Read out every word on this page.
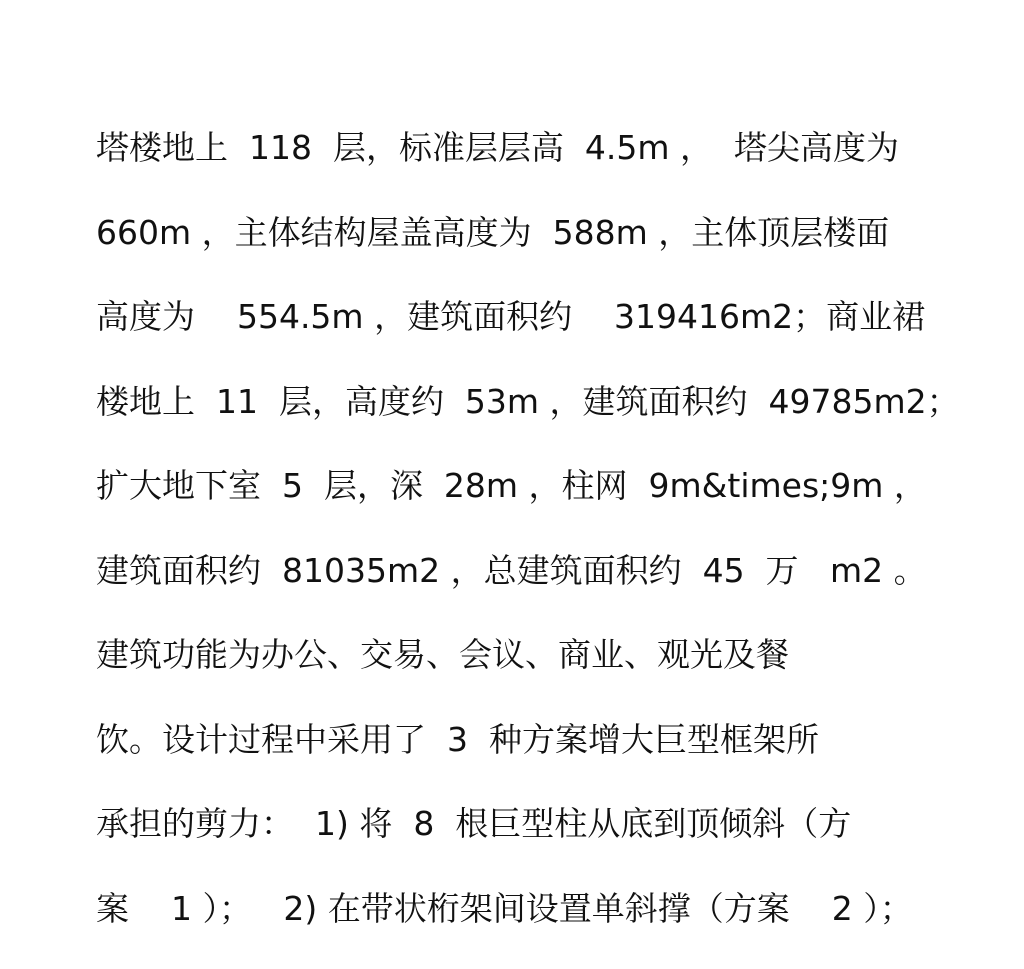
塔楼地上  118  层，标准层层高  4.5m ，  塔尖高度为
660m ，主体结构屋盖高度为  588m ，主体顶层楼面
高度为    554.5m ，建筑面积约    319416m2；商业裙
楼地上  11  层，高度约  53m ，建筑面积约  49785m2；
扩大地下室  5  层，深  28m ，柱网  9m&times;9m ，
建筑面积约  81035m2 ，总建筑面积约  45  万   m2 。
建筑功能为办公、交易、会议、商业、观光及餐
饮。设计过程中采用了  3  种方案增大巨型框架所
承担的剪力：  1) 将  8  根巨型柱从底到顶倾斜（方
案    1 ）；   2) 在带状桁架间设置单斜撑（方案    2 ）；
